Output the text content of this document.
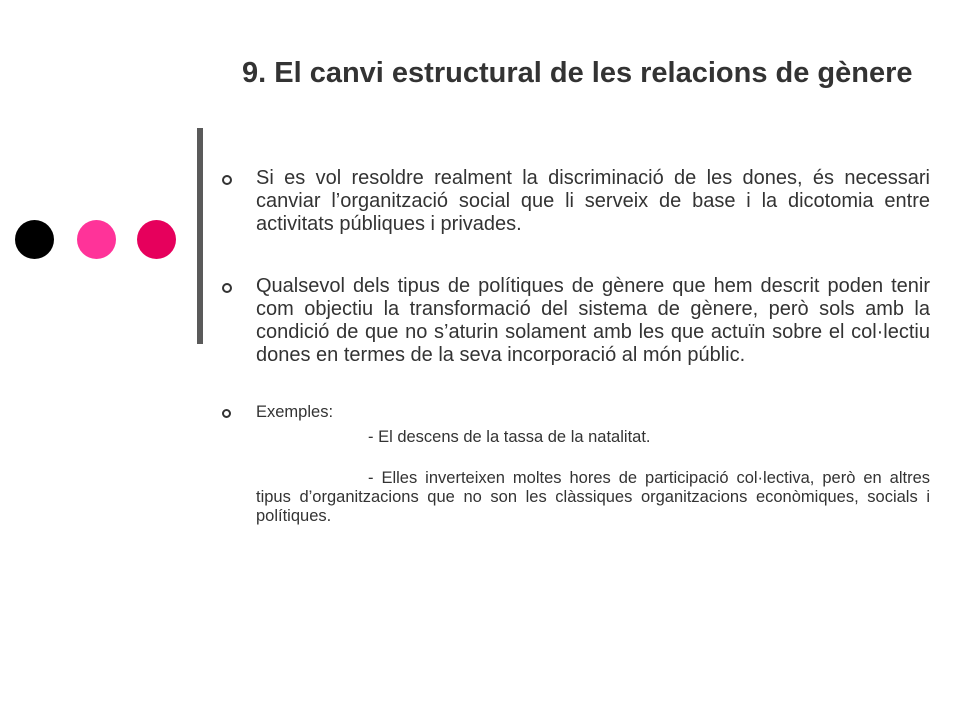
9. El canvi estructural de les relacions de gènere
Si es vol resoldre realment la discriminació de les dones, és necessari canviar l’organització social que li serveix de base i la dicotomia entre activitats públiques i privades.
Qualsevol dels tipus de polítiques de gènere que hem descrit poden tenir com objectiu la transformació del sistema de gènere, però sols amb la condició de que no s’aturin solament amb les que actuïn sobre el col·lectiu dones en termes de la seva incorporació al món públic.
Exemples:
- El descens de la tassa de la natalitat.
- Elles inverteixen moltes hores de participació col·lectiva, però en altres tipus d’organitzacions que no son les clàssiques organitzacions econòmiques, socials i polítiques.
